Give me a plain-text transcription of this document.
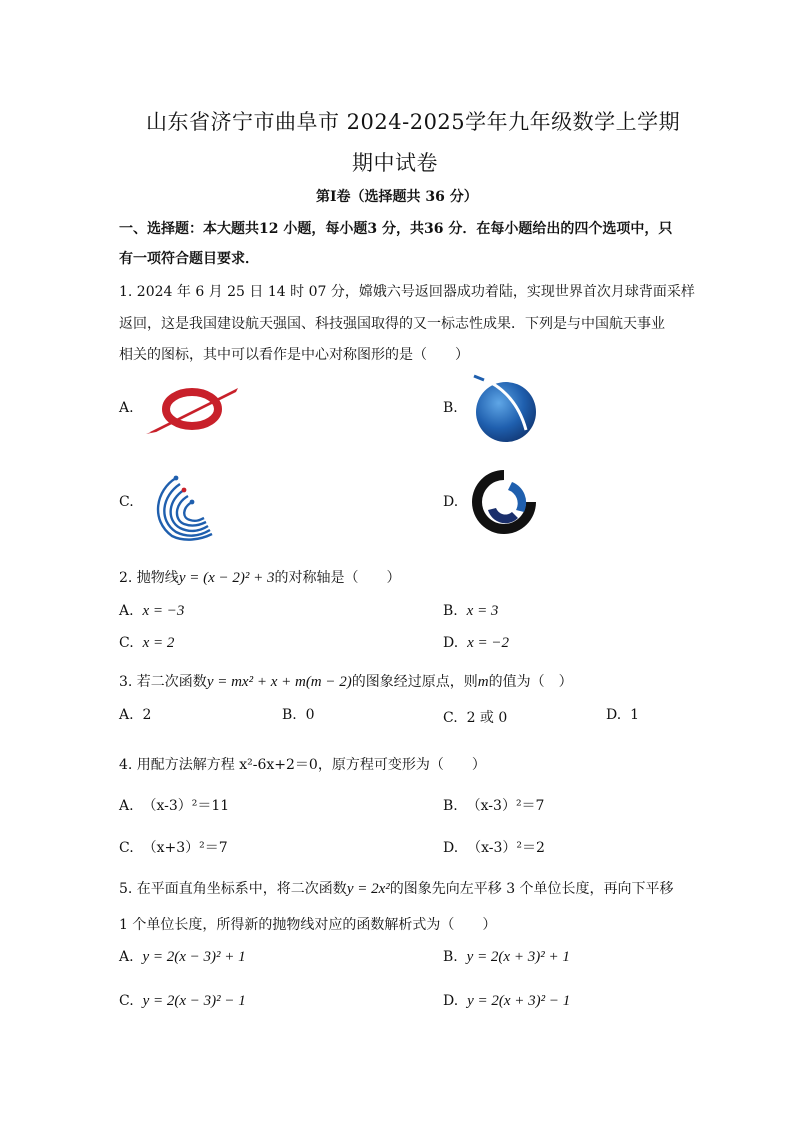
山东省济宁市曲阜市 2024-2025学年九年级数学上学期
期中试卷
第Ⅰ卷（选择题共 36 分）
一、选择题：本大题共12 小题，每小题3 分，共36 分．在每小题给出的四个选项中，只
有一项符合题目要求．
1. 2024 年 6 月 25 日 14 时 07 分，嫦娥六号返回器成功着陆，实现世界首次月球背面采样
返回，这是我国建设航天强国、科技强国取得的又一标志性成果．下列是与中国航天事业
相关的图标，其中可以看作是中心对称图形的是（　　）
A.	B.
C.	D.
2. 抛物线y = (x − 2)² + 3的对称轴是（　　）
A. x = −3	B. x = 3
C. x = 2	D. x = −2
3. 若二次函数y = mx² + x + m(m − 2)的图象经过原点，则m的值为（　）
A. 2	B. 0	C. 2 或 0	D. 1
4. 用配方法解方程 x²-6x+2＝0，原方程可变形为（　　）
A. （x-3）²＝11	B. （x-3）²＝7
C. （x+3）²＝7	D. （x-3）²＝2
5. 在平面直角坐标系中，将二次函数y = 2x²的图象先向左平移 3 个单位长度，再向下平移
1 个单位长度，所得新的抛物线对应的函数解析式为（　　）
A. y = 2(x − 3)² + 1	B. y = 2(x + 3)² + 1
C. y = 2(x − 3)² − 1	D. y = 2(x + 3)² − 1
